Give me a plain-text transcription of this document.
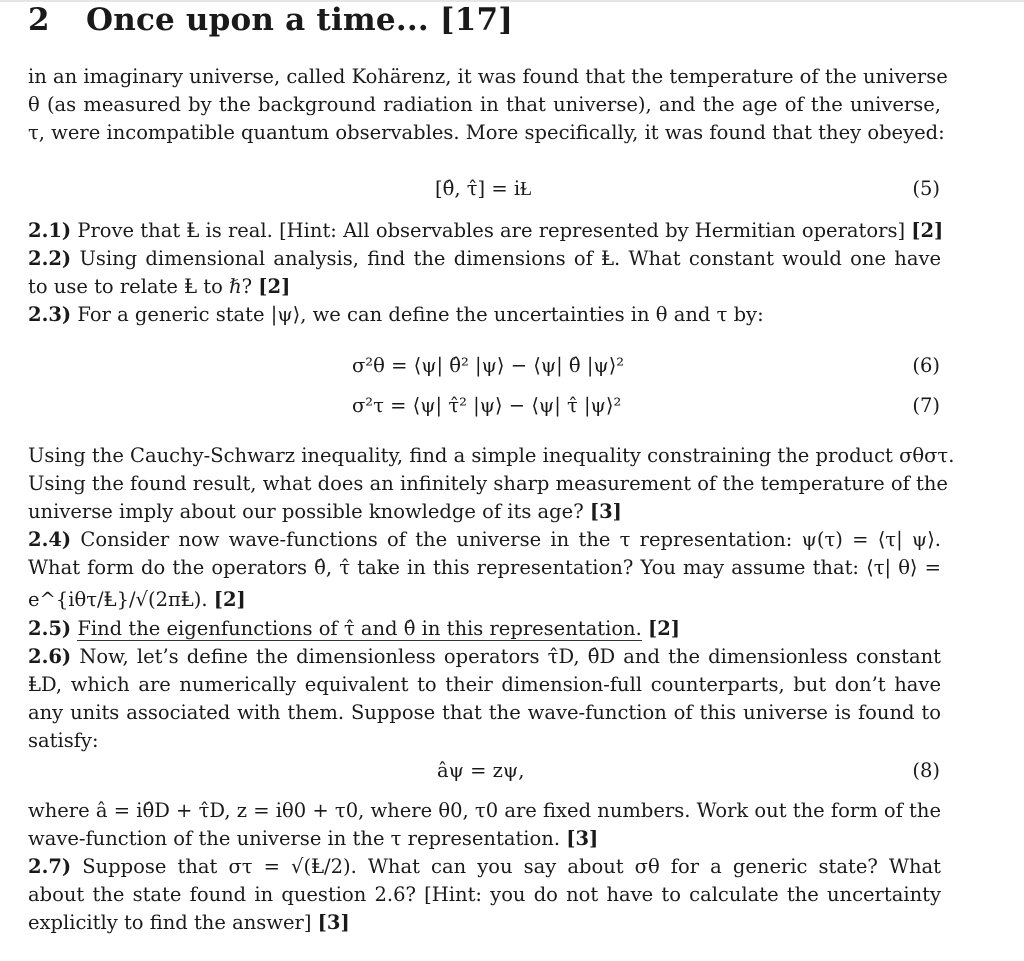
2 Once upon a time... [17]
in an imaginary universe, called Kohärenz, it was found that the temperature of the universe
θ (as measured by the background radiation in that universe), and the age of the universe,
τ, were incompatible quantum observables. More specifically, it was found that they obeyed:
[θ̂, τ̂] = iⱢ	(5)
2.1) Prove that Ⱡ is real. [Hint: All observables are represented by Hermitian operators] [2]
2.2) Using dimensional analysis, find the dimensions of Ⱡ. What constant would one have
to use to relate Ⱡ to ℏ? [2]
2.3) For a generic state |ψ⟩, we can define the uncertainties in θ and τ by:
σ²θ = ⟨ψ| θ̂² |ψ⟩ − ⟨ψ| θ̂ |ψ⟩²	(6)
σ²τ = ⟨ψ| τ̂² |ψ⟩ − ⟨ψ| τ̂ |ψ⟩²	(7)
Using the Cauchy-Schwarz inequality, find a simple inequality constraining the product σθστ.
Using the found result, what does an infinitely sharp measurement of the temperature of the
universe imply about our possible knowledge of its age? [3]
2.4) Consider now wave-functions of the universe in the τ representation: ψ(τ) = ⟨τ| ψ⟩.
What form do the operators θ̂, τ̂ take in this representation? You may assume that: ⟨τ| θ⟩ =
e^{iθτ/Ⱡ}/√(2πⱠ). [2]
2.5) Find the eigenfunctions of τ̂ and θ̂ in this representation. [2]
2.6) Now, let’s define the dimensionless operators τ̂D, θ̂D and the dimensionless constant
ⱠD, which are numerically equivalent to their dimension-full counterparts, but don’t have
any units associated with them. Suppose that the wave-function of this universe is found to
satisfy:
âψ = zψ,	(8)
where â = iθ̂D + τ̂D, z = iθ0 + τ0, where θ0, τ0 are fixed numbers. Work out the form of the
wave-function of the universe in the τ representation. [3]
2.7) Suppose that στ = √(Ⱡ/2). What can you say about σθ for a generic state? What
about the state found in question 2.6? [Hint: you do not have to calculate the uncertainty
explicitly to find the answer] [3]
